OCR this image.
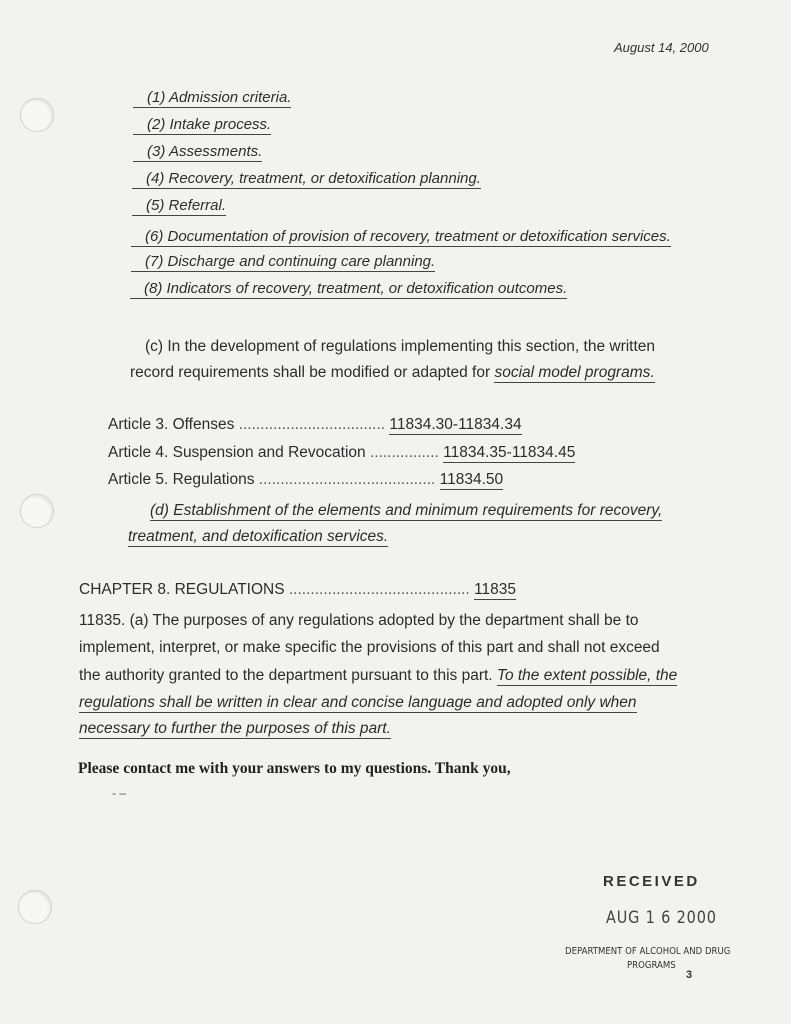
August 14, 2000
(1) Admission criteria.
(2) Intake process.
(3) Assessments.
(4) Recovery, treatment, or detoxification planning.
(5) Referral.
(6) Documentation of provision of recovery, treatment or detoxification services.
(7) Discharge and continuing care planning.
(8) Indicators of recovery, treatment, or detoxification outcomes.
(c) In the development of regulations implementing this section, the written
record requirements shall be modified or adapted for social model programs.
Article 3. Offenses .................................. 11834.30-11834.34
Article 4. Suspension and Revocation ................ 11834.35-11834.45
Article 5. Regulations ......................................... 11834.50
(d) Establishment of the elements and minimum requirements for recovery,
treatment, and detoxification services.
CHAPTER 8. REGULATIONS .......................................... 11835
11835. (a) The purposes of any regulations adopted by the department shall be to
implement, interpret, or make specific the provisions of this part and shall not exceed
the authority granted to the department pursuant to this part. To the extent possible, the
regulations shall be written in clear and concise language and adopted only when
necessary to further the purposes of this part.
Please contact me with your answers to my questions. Thank you,
- –
RECEIVED
AUG 1 6 2000
DEPARTMENT OF ALCOHOL AND DRUG
PROGRAMS
3
